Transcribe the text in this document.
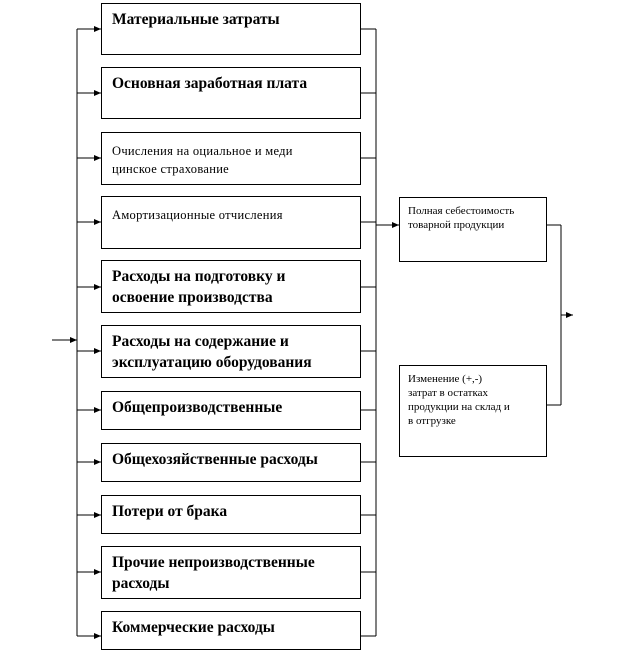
Материальные затраты
Основная заработная плата
Очисления на оциальное и меди
цинское страхование
Амортизационные отчисления
Расходы на подготовку и
освоение производства
Расходы на содержание и
эксплуатацию оборудования
Общепроизводственные
Общехозяйственные расходы
Потери от брака
Прочие непроизводственные
расходы
Коммерческие расходы
Полная себестоимость
товарной продукции
Изменение (+,-)
затрат в остатках
продукции на склад и
в отгрузке
